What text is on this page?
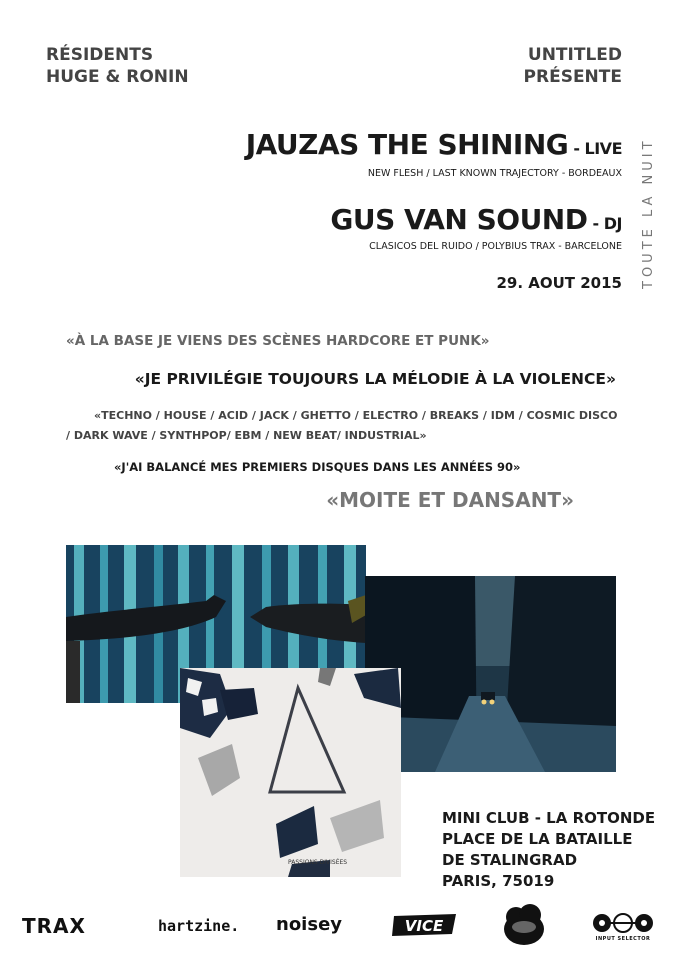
RÉSIDENTS
HUGE & RONIN
UNTITLED
PRÉSENTE
JAUZAS THE SHINING - LIVE
NEW FLESH / LAST KNOWN TRAJECTORY - BORDEAUX
GUS VAN SOUND - DJ
CLASICOS DEL RUIDO / POLYBIUS TRAX - BARCELONE
29. AOUT 2015 TOUTE LA NUIT
«À LA BASE JE VIENS DES SCÈNES HARDCORE ET PUNK»
«JE PRIVILÉGIE TOUJOURS LA MÉLODIE À LA VIOLENCE»
«TECHNO / HOUSE / ACID / JACK / GHETTO / ELECTRO / BREAKS / IDM / COSMIC DISCO
/ DARK WAVE / SYNTHPOP/ EBM / NEW BEAT/ INDUSTRIAL»
«J'AI BALANCÉ MES PREMIERS DISQUES DANS LES ANNÉES 90»
«MOITE ET DANSANT»
PASSIONS DIVISÉES
MINI CLUB - LA ROTONDE
PLACE DE LA BATAILLE
DE STALINGRAD
PARIS, 75019
TRAX	hartzine. noisey	VICE
INPUT SELECTOR
